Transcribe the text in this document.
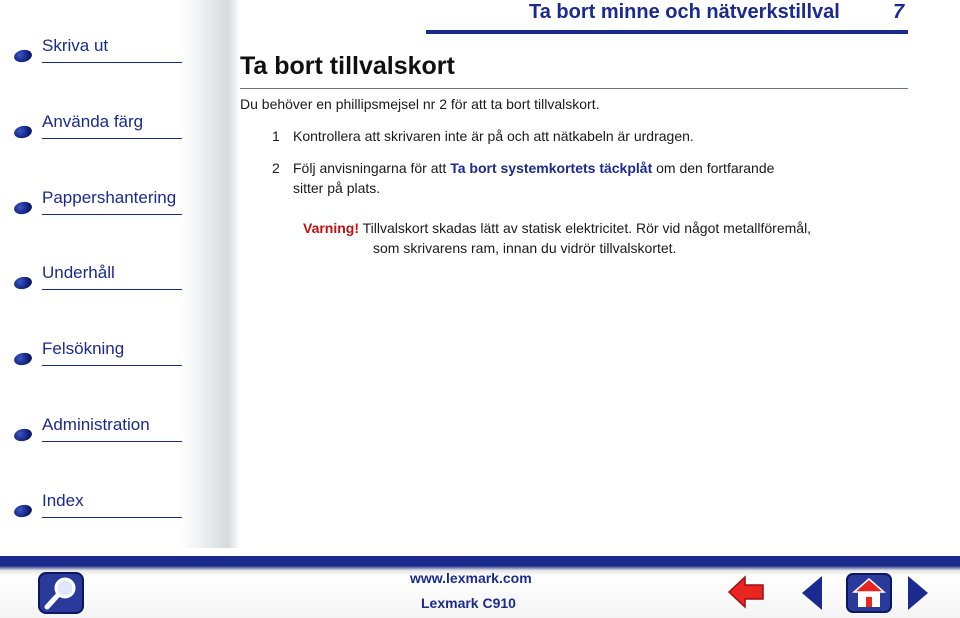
Skriva ut
Använda färg
Pappershantering
Underhåll
Felsökning
Administration
Index
Ta bort minne och nätverkstillval	7
Ta bort tillvalskort

Du behöver en phillipsmejsel nr 2 för att ta bort tillvalskort.

1 Kontrollera att skrivaren inte är på och att nätkabeln är urdragen.
2 Följ anvisningarna för att Ta bort systemkortets täckplåt om den fortfarande
sitter på plats.
Varning! Tillvalskort skadas lätt av statisk elektricitet. Rör vid något metallföremål,
som skrivarens ram, innan du vidrör tillvalskortet.
www.lexmark.com
Lexmark C910
